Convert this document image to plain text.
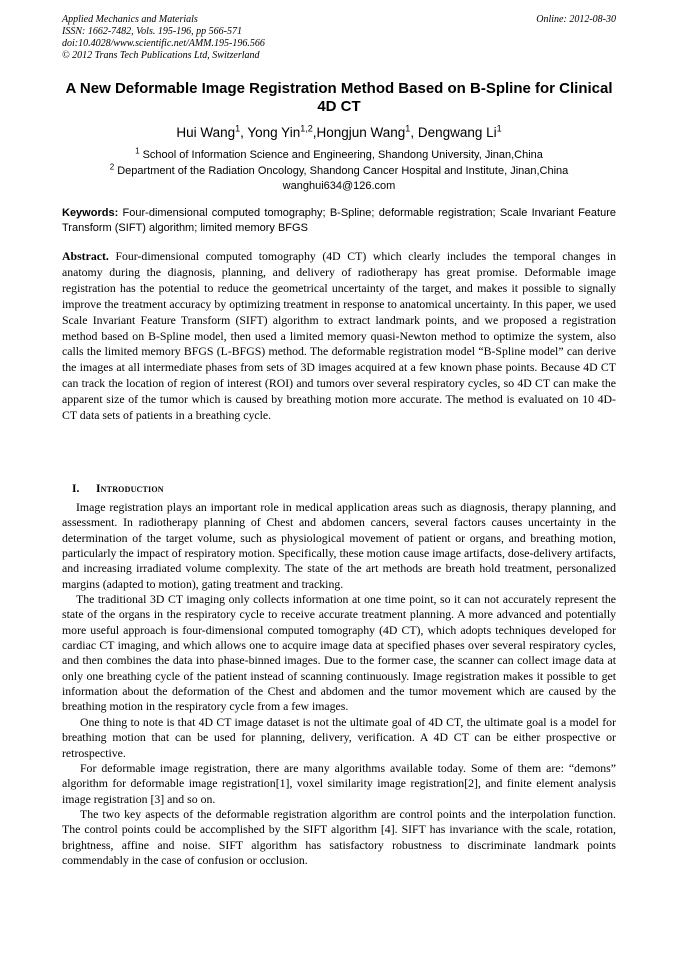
Applied Mechanics and Materials
ISSN: 1662-7482, Vols. 195-196, pp 566-571
doi:10.4028/www.scientific.net/AMM.195-196.566
© 2012 Trans Tech Publications Ltd, Switzerland
Online: 2012-08-30
A New Deformable Image Registration Method Based on B-Spline for Clinical 4D CT
Hui Wang$^1$, Yong Yin$^{1,2}$,Hongjun Wang$^1$, Dengwang Li$^1$
$^1$ School of Information Science and Engineering, Shandong University, Jinan,China
$^2$ Department of the Radiation Oncology, Shandong Cancer Hospital and Institute, Jinan,China
wanghui634@126.com
Keywords: Four-dimensional computed tomography; B-Spline; deformable registration; Scale Invariant Feature Transform (SIFT) algorithm; limited memory BFGS
Abstract. Four-dimensional computed tomography (4D CT) which clearly includes the temporal changes in anatomy during the diagnosis, planning, and delivery of radiotherapy has great promise. Deformable image registration has the potential to reduce the geometrical uncertainty of the target, and makes it possible to signally improve the treatment accuracy by optimizing treatment in response to anatomical uncertainty. In this paper, we used Scale Invariant Feature Transform (SIFT) algorithm to extract landmark points, and we proposed a registration method based on B-Spline model, then used a limited memory quasi-Newton method to optimize the system, also calls the limited memory BFGS (L-BFGS) method. The deformable registration model “B-Spline model” can derive the images at all intermediate phases from sets of 3D images acquired at a few known phase points. Because 4D CT can track the location of region of interest (ROI) and tumors over several respiratory cycles, so 4D CT can make the apparent size of the tumor which is caused by breathing motion more accurate. The method is evaluated on 10 4D-CT data sets of patients in a breathing cycle.
I. Introduction

Image registration plays an important role in medical application areas such as diagnosis, therapy planning, and assessment. In radiotherapy planning of Chest and abdomen cancers, several factors causes uncertainty in the determination of the target volume, such as physiological movement of patient or organs, and breathing motion, particularly the impact of respiratory motion. Specifically, these motion cause image artifacts, dose-delivery artifacts, and increasing irradiated volume complexity. The state of the art methods are breath hold treatment, personalized margins (adapted to motion), gating treatment and tracking.

The traditional 3D CT imaging only collects information at one time point, so it can not accurately represent the state of the organs in the respiratory cycle to receive accurate treatment planning. A more advanced and potentially more useful approach is four-dimensional computed tomography (4D CT), which adopts techniques developed for cardiac CT imaging, and which allows one to acquire image data at specified phases over several respiratory cycles, and then combines the data into phase-binned images. Due to the former case, the scanner can collect image data at only one breathing cycle of the patient instead of scanning continuously. Image registration makes it possible to get information about the deformation of the Chest and abdomen and the tumor movement which are caused by the breathing motion in the respiratory cycle from a few images.

One thing to note is that 4D CT image dataset is not the ultimate goal of 4D CT, the ultimate goal is a model for breathing motion that can be used for planning, delivery, verification. A 4D CT can be either prospective or retrospective.

For deformable image registration, there are many algorithms available today. Some of them are: “demons” algorithm for deformable image registration[1], voxel similarity image registration[2], and finite element analysis image registration [3] and so on.

The two key aspects of the deformable registration algorithm are control points and the interpolation function. The control points could be accomplished by the SIFT algorithm [4]. SIFT has invariance with the scale, rotation, brightness, affine and noise. SIFT algorithm has satisfactory robustness to discriminate landmark points commendably in the case of confusion or occlusion.
